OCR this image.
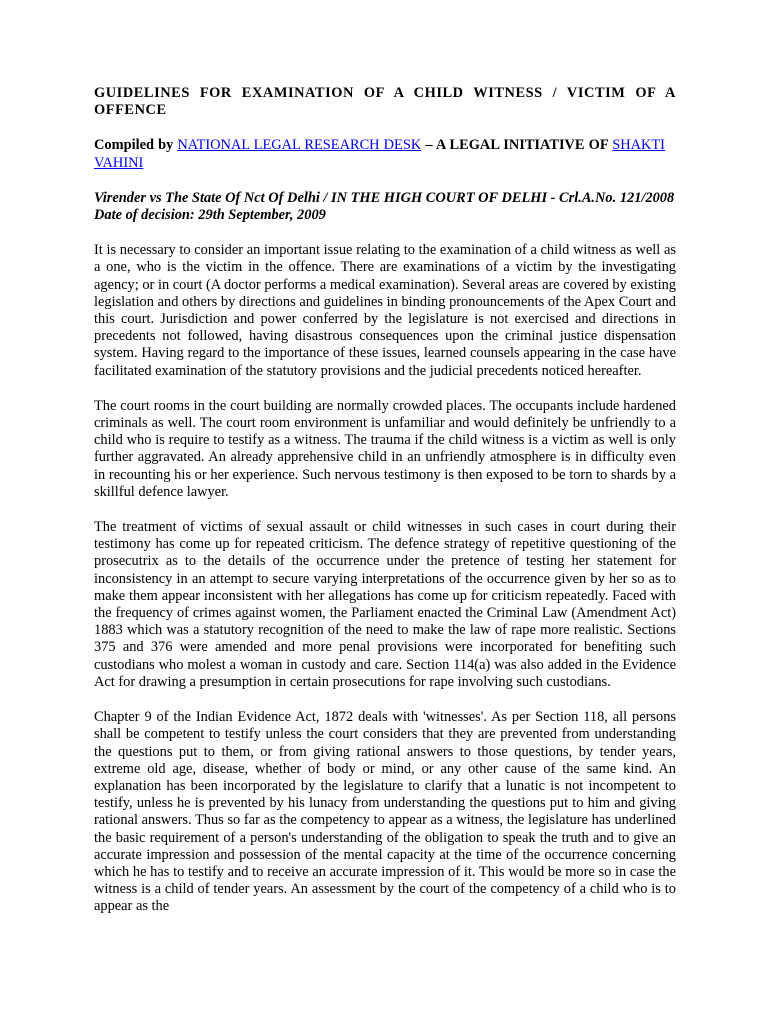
GUIDELINES FOR EXAMINATION OF A CHILD WITNESS / VICTIM OF A OFFENCE

Compiled by NATIONAL LEGAL RESEARCH DESK – A LEGAL INITIATIVE OF SHAKTI VAHINI

Virender vs The State Of Nct Of Delhi / IN THE HIGH COURT OF DELHI - Crl.A.No. 121/2008 Date of decision: 29th September, 2009

It is necessary to consider an important issue relating to the examination of a child witness as well as a one, who is the victim in the offence. There are examinations of a victim by the investigating agency; or in court (A doctor performs a medical examination). Several areas are covered by existing legislation and others by directions and guidelines in binding pronouncements of the Apex Court and this court. Jurisdiction and power conferred by the legislature is not exercised and directions in precedents not followed, having disastrous consequences upon the criminal justice dispensation system. Having regard to the importance of these issues, learned counsels appearing in the case have facilitated examination of the statutory provisions and the judicial precedents noticed hereafter.

The court rooms in the court building are normally crowded places. The occupants include hardened criminals as well. The court room environment is unfamiliar and would definitely be unfriendly to a child who is require to testify as a witness. The trauma if the child witness is a victim as well is only further aggravated. An already apprehensive child in an unfriendly atmosphere is in difficulty even in recounting his or her experience. Such nervous testimony is then exposed to be torn to shards by a skillful defence lawyer.

The treatment of victims of sexual assault or child witnesses in such cases in court during their testimony has come up for repeated criticism. The defence strategy of repetitive questioning of the prosecutrix as to the details of the occurrence under the pretence of testing her statement for inconsistency in an attempt to secure varying interpretations of the occurrence given by her so as to make them appear inconsistent with her allegations has come up for criticism repeatedly. Faced with the frequency of crimes against women, the Parliament enacted the Criminal Law (Amendment Act) 1883 which was a statutory recognition of the need to make the law of rape more realistic. Sections 375 and 376 were amended and more penal provisions were incorporated for benefiting such custodians who molest a woman in custody and care. Section 114(a) was also added in the Evidence Act for drawing a presumption in certain prosecutions for rape involving such custodians.

Chapter 9 of the Indian Evidence Act, 1872 deals with 'witnesses'. As per Section 118, all persons shall be competent to testify unless the court considers that they are prevented from understanding the questions put to them, or from giving rational answers to those questions, by tender years, extreme old age, disease, whether of body or mind, or any other cause of the same kind. An explanation has been incorporated by the legislature to clarify that a lunatic is not incompetent to testify, unless he is prevented by his lunacy from understanding the questions put to him and giving rational answers. Thus so far as the competency to appear as a witness, the legislature has underlined the basic requirement of a person's understanding of the obligation to speak the truth and to give an accurate impression and possession of the mental capacity at the time of the occurrence concerning which he has to testify and to receive an accurate impression of it. This would be more so in case the witness is a child of tender years. An assessment by the court of the competency of a child who is to appear as the
